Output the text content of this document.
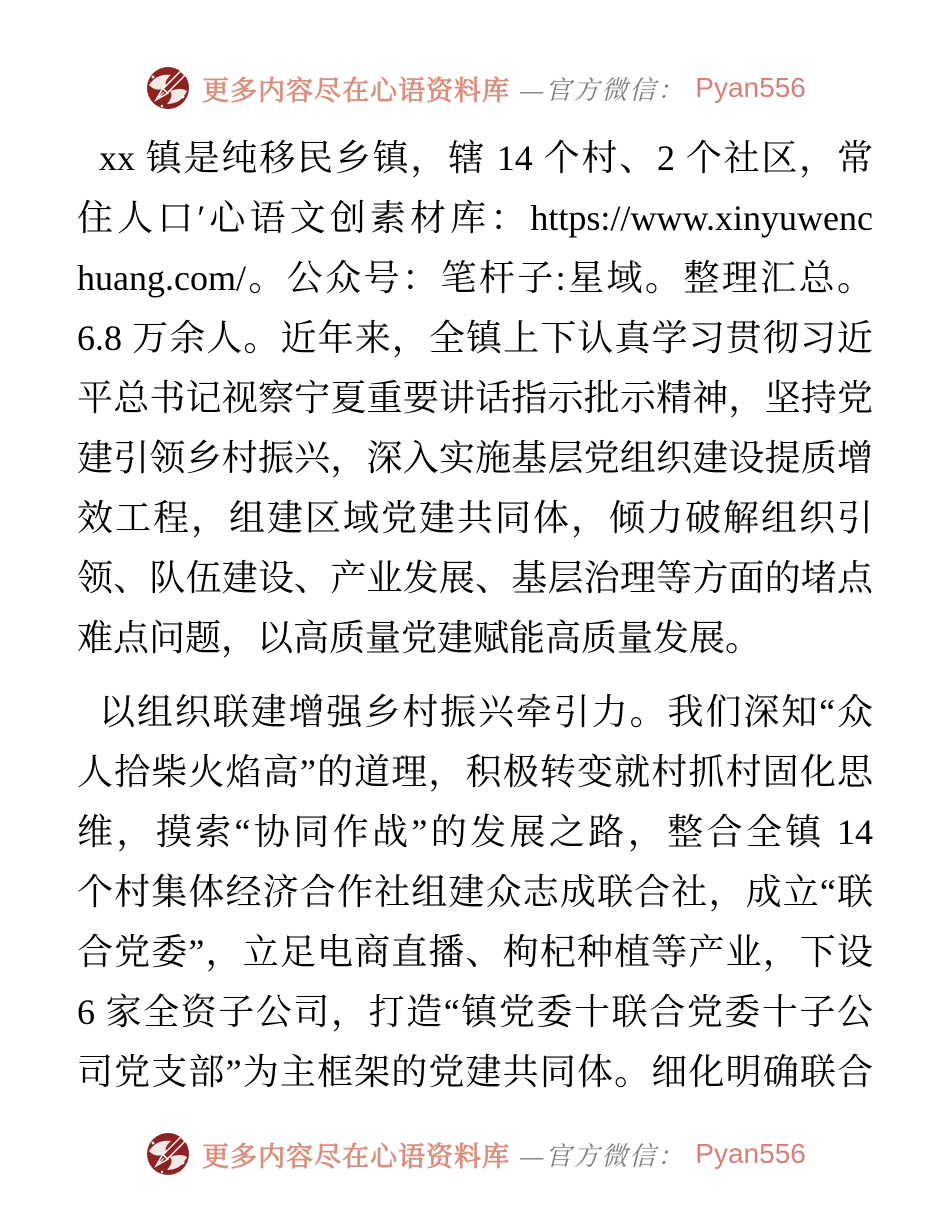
更多内容尽在心语资料库 —官方微信： Pyan556
xx 镇是纯移民乡镇，辖 14 个村、2 个社区，常
住人口′心语文创素材库：https://www.xinyuwenc
huang.com/。公众号：笔杆子:星域。整理汇总。
6.8 万余人。近年来，全镇上下认真学习贯彻习近
平总书记视察宁夏重要讲话指示批示精神，坚持党
建引领乡村振兴，深入实施基层党组织建设提质增
效工程，组建区域党建共同体，倾力破解组织引
领、队伍建设、产业发展、基层治理等方面的堵点
难点问题，以高质量党建赋能高质量发展。
以组织联建增强乡村振兴牵引力。我们深知“众
人拾柴火焰高”的道理，积极转变就村抓村固化思
维，摸索“协同作战”的发展之路，整合全镇 14
个村集体经济合作社组建众志成联合社，成立“联
合党委”，立足电商直播、枸杞种植等产业，下设
6 家全资子公司，打造“镇党委十联合党委十子公
司党支部”为主框架的党建共同体。细化明确联合
更多内容尽在心语资料库 —官方微信： Pyan556
